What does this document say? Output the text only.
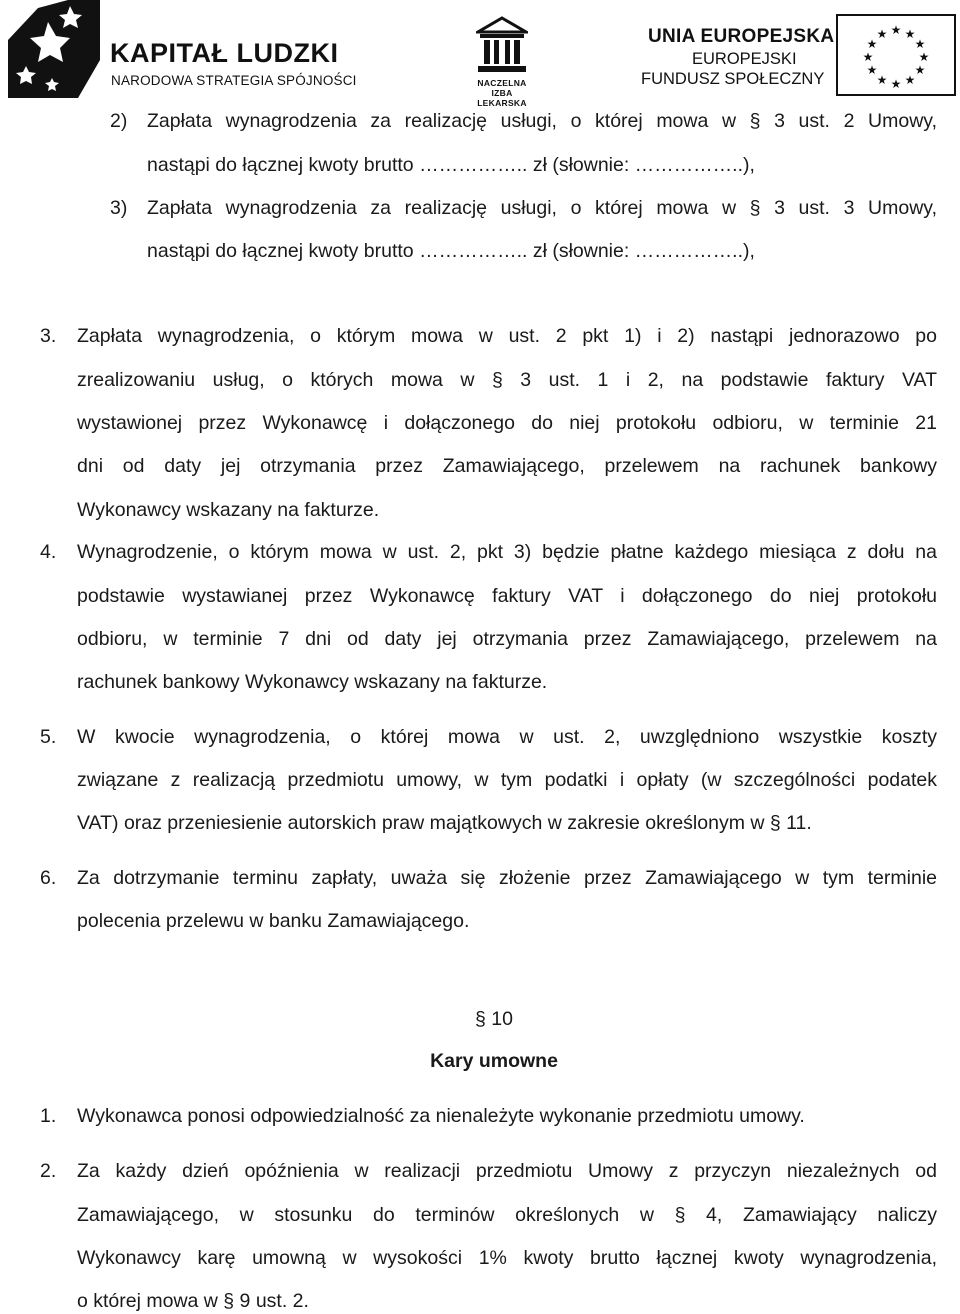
KAPITAŁ LUDZKI
NARODOWA STRATEGIA SPÓJNOŚCI	NACZELNA
IZBA LEKARSKA
UNIA EUROPEJSKA
EUROPEJSKI
FUNDUSZ SPOŁECZNY
★ ★
★
★
★
★
★
★
★
★
★
★
2) Zapłata wynagrodzenia za realizację usługi, o której mowa w § 3 ust. 2 Umowy,
nastąpi do łącznej kwoty brutto …………….. zł (słownie: ……………..),
3) Zapłata wynagrodzenia za realizację usługi, o której mowa w § 3 ust. 3 Umowy,
nastąpi do łącznej kwoty brutto …………….. zł (słownie: ……………..),
3. Zapłata wynagrodzenia, o którym mowa w ust. 2 pkt 1) i 2) nastąpi jednorazowo po
zrealizowaniu usług, o których mowa w § 3 ust. 1 i 2, na podstawie faktury VAT
wystawionej przez Wykonawcę i dołączonego do niej protokołu odbioru, w terminie 21
dni od daty jej otrzymania przez Zamawiającego, przelewem na rachunek bankowy
Wykonawcy wskazany na fakturze.
4. Wynagrodzenie, o którym mowa w ust. 2, pkt 3) będzie płatne każdego miesiąca z dołu na
podstawie wystawianej przez Wykonawcę faktury VAT i dołączonego do niej protokołu
odbioru, w terminie 7 dni od daty jej otrzymania przez Zamawiającego, przelewem na
rachunek bankowy Wykonawcy wskazany na fakturze.
5. W kwocie wynagrodzenia, o której mowa w ust. 2, uwzględniono wszystkie koszty
związane z realizacją przedmiotu umowy, w tym podatki i opłaty (w szczególności podatek
VAT) oraz przeniesienie autorskich praw majątkowych w zakresie określonym w § 11.
6. Za dotrzymanie terminu zapłaty, uważa się złożenie przez Zamawiającego w tym terminie
polecenia przelewu w banku Zamawiającego.
§ 10
Kary umowne
1. Wykonawca ponosi odpowiedzialność za nienależyte wykonanie przedmiotu umowy.
2. Za każdy dzień opóźnienia w realizacji przedmiotu Umowy z przyczyn niezależnych od
Zamawiającego, w stosunku do terminów określonych w § 4, Zamawiający naliczy
Wykonawcy karę umowną w wysokości 1% kwoty brutto łącznej kwoty wynagrodzenia,
o której mowa w § 9 ust. 2.
